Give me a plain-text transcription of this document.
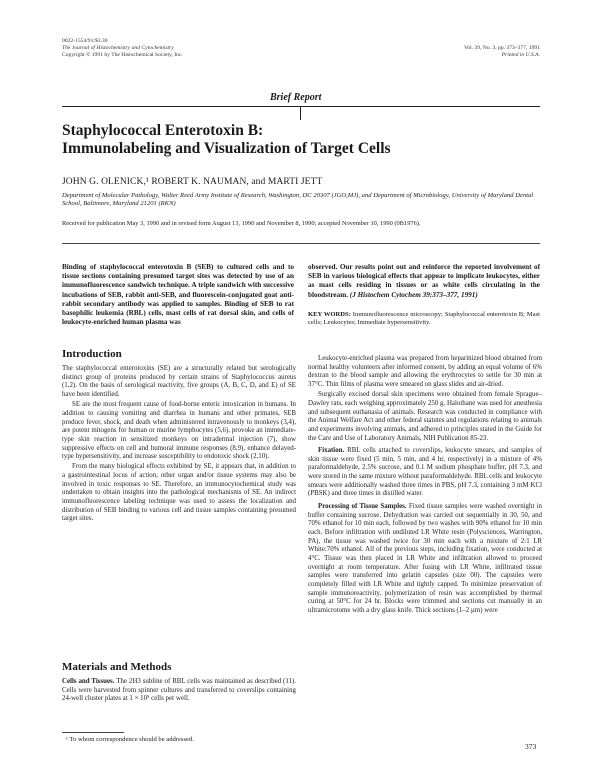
0022-1554/91/$3.30
The Journal of Histochemistry and Cytochemistry
Copyright © 1991 by The Histochemical Society, Inc.
Vol. 39, No. 3, pp. 373–377, 1991
Printed in U.S.A.
Brief Report
Staphylococcal Enterotoxin B:
Immunolabeling and Visualization of Target Cells
JOHN G. OLENICK,¹ ROBERT K. NAUMAN, and MARTI JETT
Department of Molecular Pathology, Walter Reed Army Institute of Research, Washington, DC 20307 (JGO,MJ), and Department of Microbiology, University of Maryland Dental School, Baltimore, Maryland 21201 (RKN)
Received for publication May 3, 1990 and in revised form August 13, 1990 and November 8, 1990; accepted November 10, 1990 (0B1976).
Binding of staphylococcal enterotoxin B (SEB) to cultured cells and to tissue sections containing presumed target sites was detected by use of an immunofluorescence sandwich technique. A triple sandwich with successive incubations of SEB, rabbit anti-SEB, and fluorescein-conjugated goat anti-rabbit secondary antibody was applied to samples. Binding of SEB to rat basophilic leukemia (RBL) cells, mast cells of rat dorsal skin, and cells of leukocyte-enriched human plasma was
observed. Our results point out and reinforce the reported involvement of SEB in various biological effects that appear to implicate leukocytes, either as mast cells residing in tissues or as white cells circulating in the bloodstream. (J Histochem Cytochem 39:373–377, 1991)
KEY WORDS: Immunofluorescence microscopy; Staphylococcal enterotoxin B; Mast cells; Leukocytes; Immediate hypersensitivity.
Introduction

The staphylococcal enterotoxins (SE) are a structurally related but serologically distinct group of proteins produced by certain strains of Staphylococcus aureus (1,2). On the basis of serological reactivity, five groups (A, B, C, D, and E) of SE have been identified.

SE are the most frequent cause of food-borne enteric intoxication in humans. In addition to causing vomiting and diarrhea in humans and other primates, SEB produce fever, shock, and death when administered intravenously to monkeys (3,4), are potent mitogens for human or murine lymphocytes (5,6), provoke an immediate-type skin reaction in sensitized monkeys on intradermal injection (7), show suppressive effects on cell and humoral immune responses (8,9), enhance delayed-type hypersensitivity, and increase susceptibility to endotoxic shock (2,10).

From the many biological effects exhibited by SE, it appears that, in addition to a gastrointestinal locus of action, other organ and/or tissue systems may also be involved in toxic responses to SE. Therefore, an immunocytochemical study was undertaken to obtain insights into the pathological mechanisms of SE. An indirect immunofluorescence labeling technique was used to assess the localization and distribution of SEB binding to various cell and tissue samples containing presumed target sites.

Materials and Methods

Cells and Tissues. The 2H3 subline of RBL cells was maintained as described (11). Cells were harvested from spinner cultures and transferred to coverslips containing 24-well cluster plates at 1 × 10⁵ cells per well.

Leukocyte-enriched plasma was prepared from heparinized blood obtained from normal healthy volunteers after informed consent, by adding an equal volume of 6% dextran to the blood sample and allowing the erythrocytes to settle for 30 min at 37°C. Thin films of plasma were smeared on glass slides and air-dried.

Surgically excised dorsal skin specimens were obtained from female Sprague–Dawley rats, each weighing approximately 250 g. Halothane was used for anesthesia and subsequent euthanasia of animals. Research was conducted in compliance with the Animal Welfare Act and other federal statutes and regulations relating to animals and experiments involving animals, and adhered to principles stated in the Guide for the Care and Use of Laboratory Animals, NIH Publication 85-23.

Fixation. RBL cells attached to coverslips, leukocyte smears, and samples of skin tissue were fixed (5 min, 5 min, and 4 hr, respectively) in a mixture of 4% paraformaldehyde, 2.5% sucrose, and 0.1 M sodium phosphate buffer, pH 7.3, and were stored in the same mixture without paraformaldehyde. RBL cells and leukocyte smears were additionally washed three times in PBS, pH 7.3, containing 3 mM KCl (PBSK) and three times in distilled water.

Processing of Tissue Samples. Fixed tissue samples were washed overnight in buffer containing sucrose. Dehydration was carried out sequentially in 30, 50, and 70% ethanol for 10 min each, followed by two washes with 90% ethanol for 10 min each. Before infiltration with undiluted LR White resin (Polysciences, Warrington, PA), the tissue was washed twice for 30 min each with a mixture of 2:1 LR White:70% ethanol. All of the previous steps, including fixation, were conducted at 4°C. Tissue was then placed in LR White and infiltration allowed to proceed overnight at room temperature. After fusing with LR White, infiltrated tissue samples were transferred into gelatin capsules (size 00). The capsules were completely filled with LR White and tightly capped. To minimize preservation of sample immunoreactivity, polymerization of resin was accomplished by thermal curing at 50°C for 24 hr. Blocks were trimmed and sections cut manually in an ultramicrotome with a dry glass knife. Thick sections (1–2 µm) were

¹ To whom correspondence should be addressed.
373
